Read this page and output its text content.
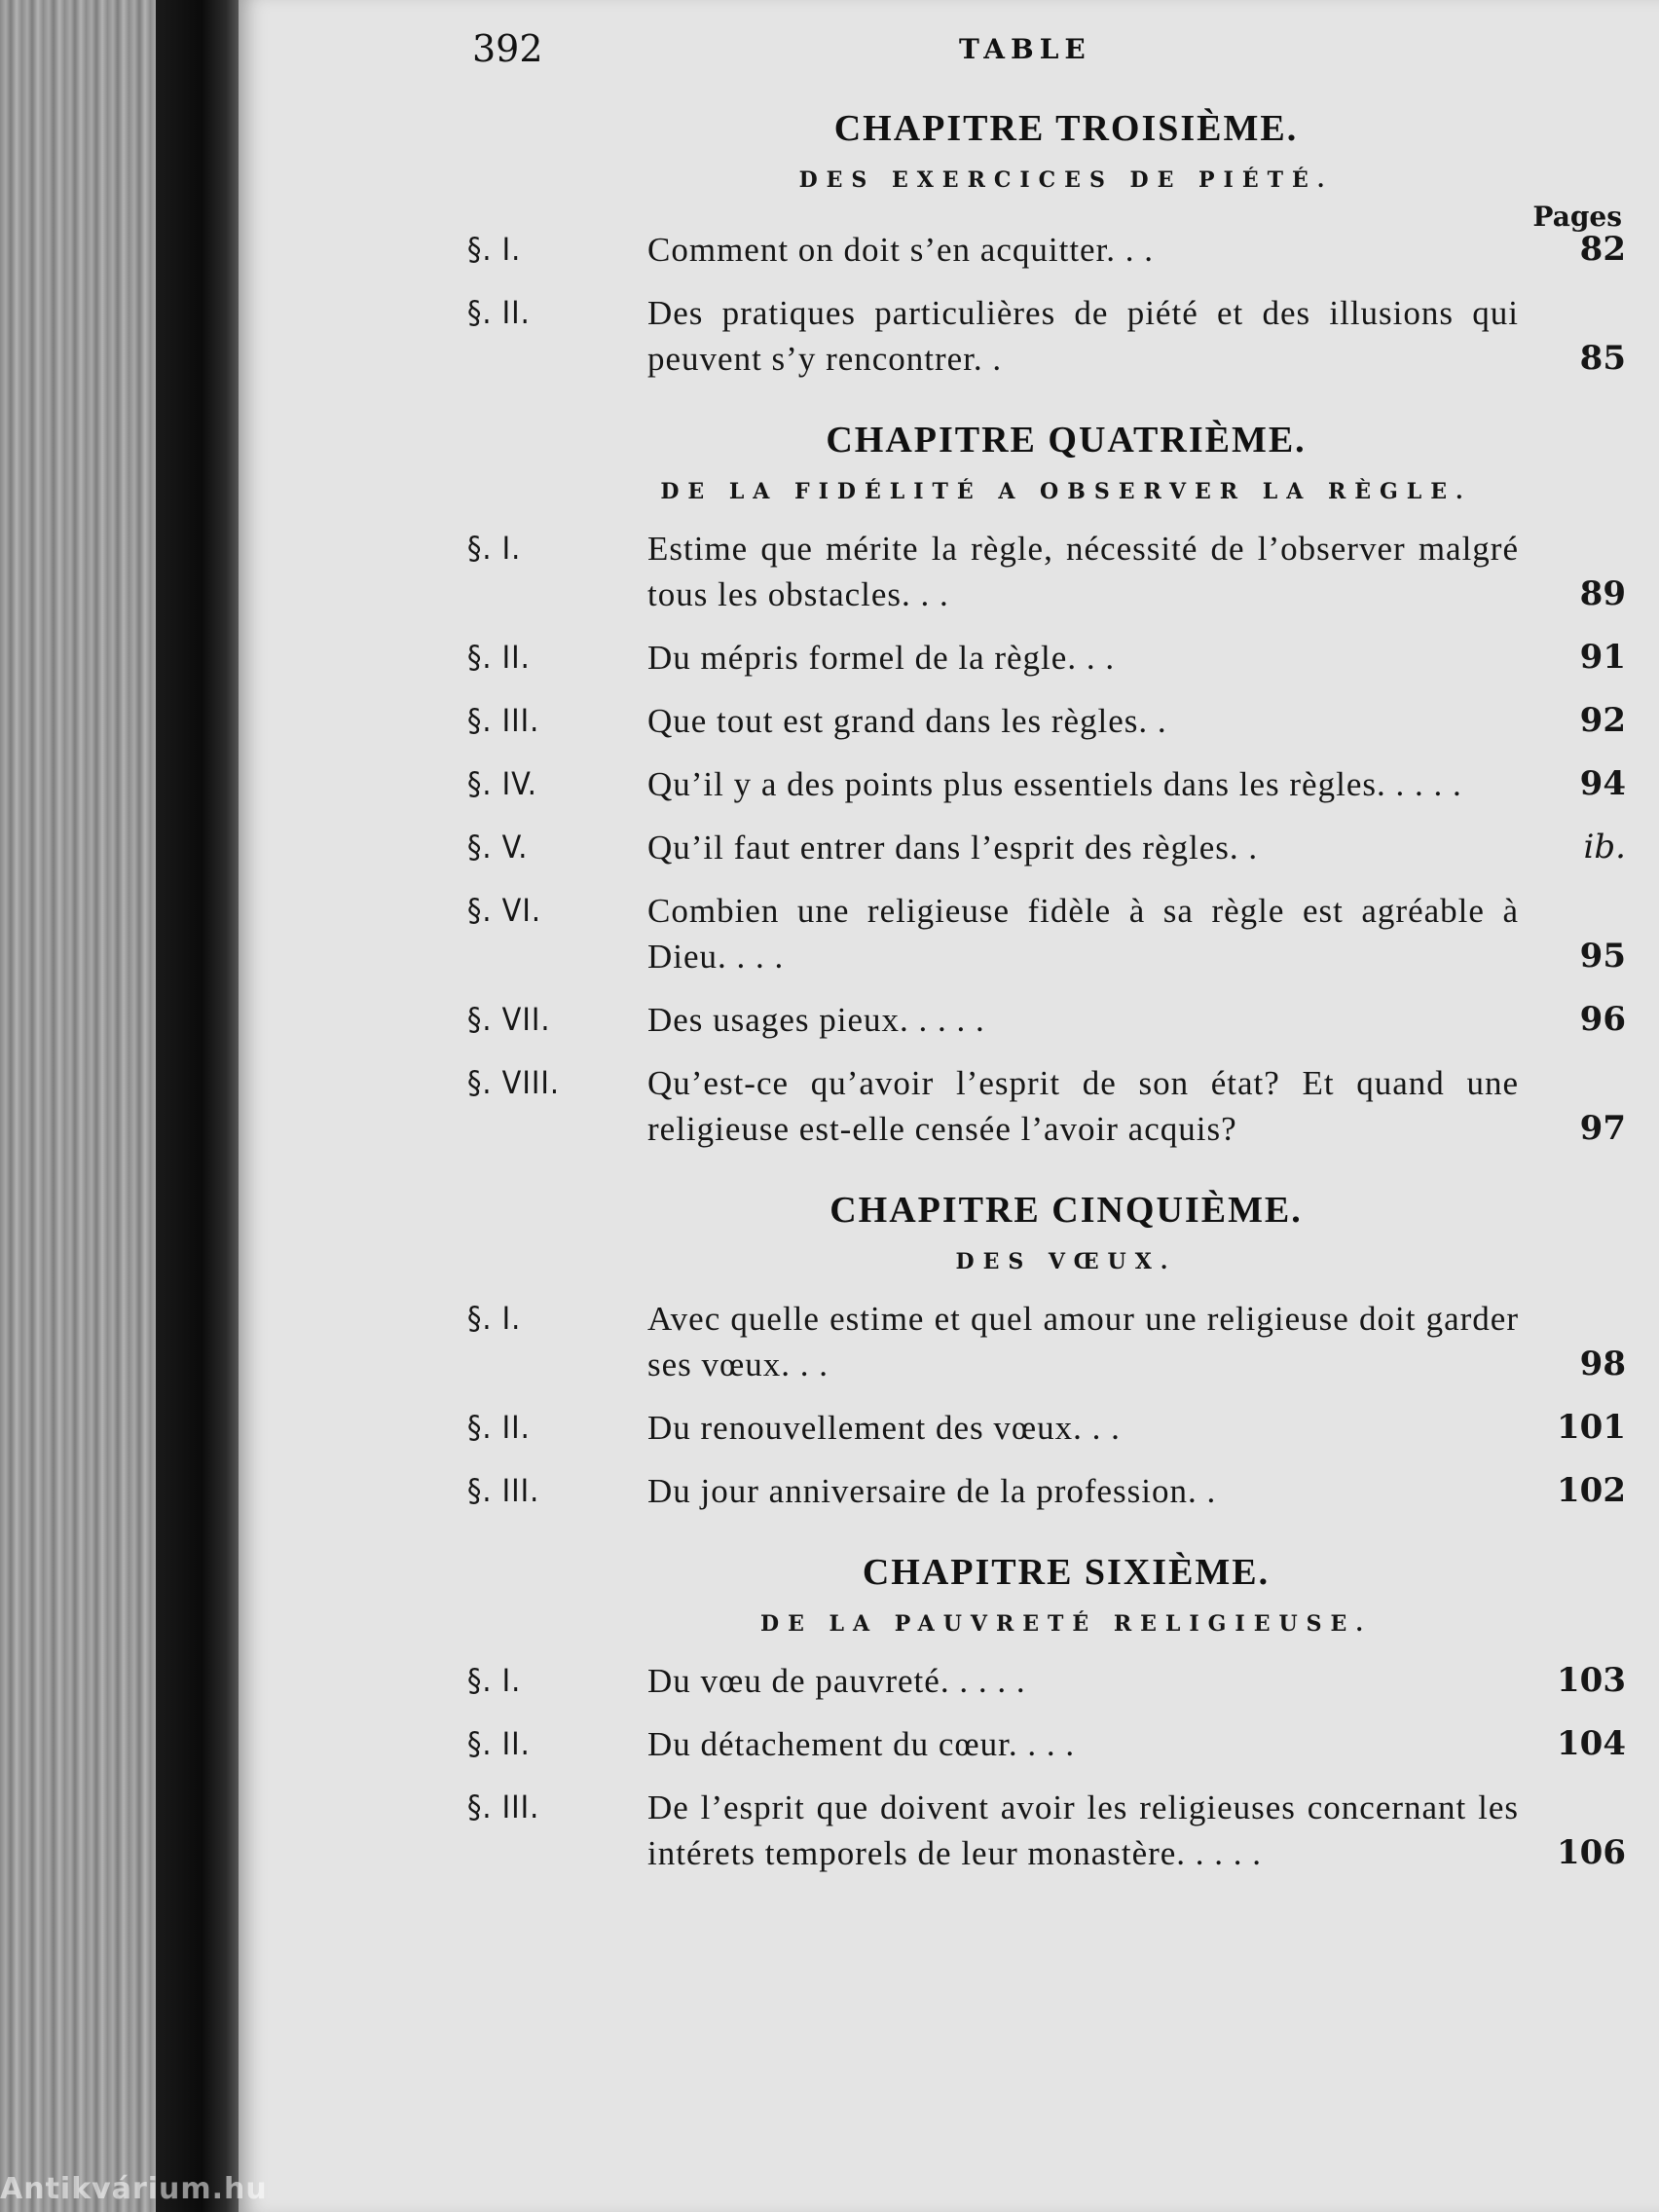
392	TABLE
CHAPITRE TROISIÈME.
DES EXERCICES DE PIÉTÉ.
Pages
§. I.	Comment on doit s’en acquitter. . .	82
§. II.	Des pratiques particulières de piété et des illusions qui peuvent s’y rencontrer. .	85
CHAPITRE QUATRIÈME.
DE LA FIDÉLITÉ A OBSERVER LA RÈGLE.
§. I.	Estime que mérite la règle, nécessité de l’observer malgré tous les obstacles. . .	89
§. II.	Du mépris formel de la règle. . .	91
§. III.	Que tout est grand dans les règles. .	92
§. IV.	Qu’il y a des points plus essentiels dans les règles. . . . .	94
§. V.	Qu’il faut entrer dans l’esprit des règles. .	ib.
§. VI.	Combien une religieuse fidèle à sa règle est agréable à Dieu. . . .	95
§. VII.	Des usages pieux. . . . .	96
§. VIII.	Qu’est-ce qu’avoir l’esprit de son état? Et quand une religieuse est-elle censée l’avoir acquis?	97
CHAPITRE CINQUIÈME.
DES VŒUX.
§. I.	Avec quelle estime et quel amour une religieuse doit garder ses vœux. . .	98
§. II.	Du renouvellement des vœux. . .	101
§. III.	Du jour anniversaire de la profession. .	102
CHAPITRE SIXIÈME.
DE LA PAUVRETÉ RELIGIEUSE.
§. I.	Du vœu de pauvreté. . . . .	103
§. II.	Du détachement du cœur. . . .	104
§. III.	De l’esprit que doivent avoir les religieuses concernant les intérets temporels de leur monastère. . . . .	106
Antikvárium.hu
